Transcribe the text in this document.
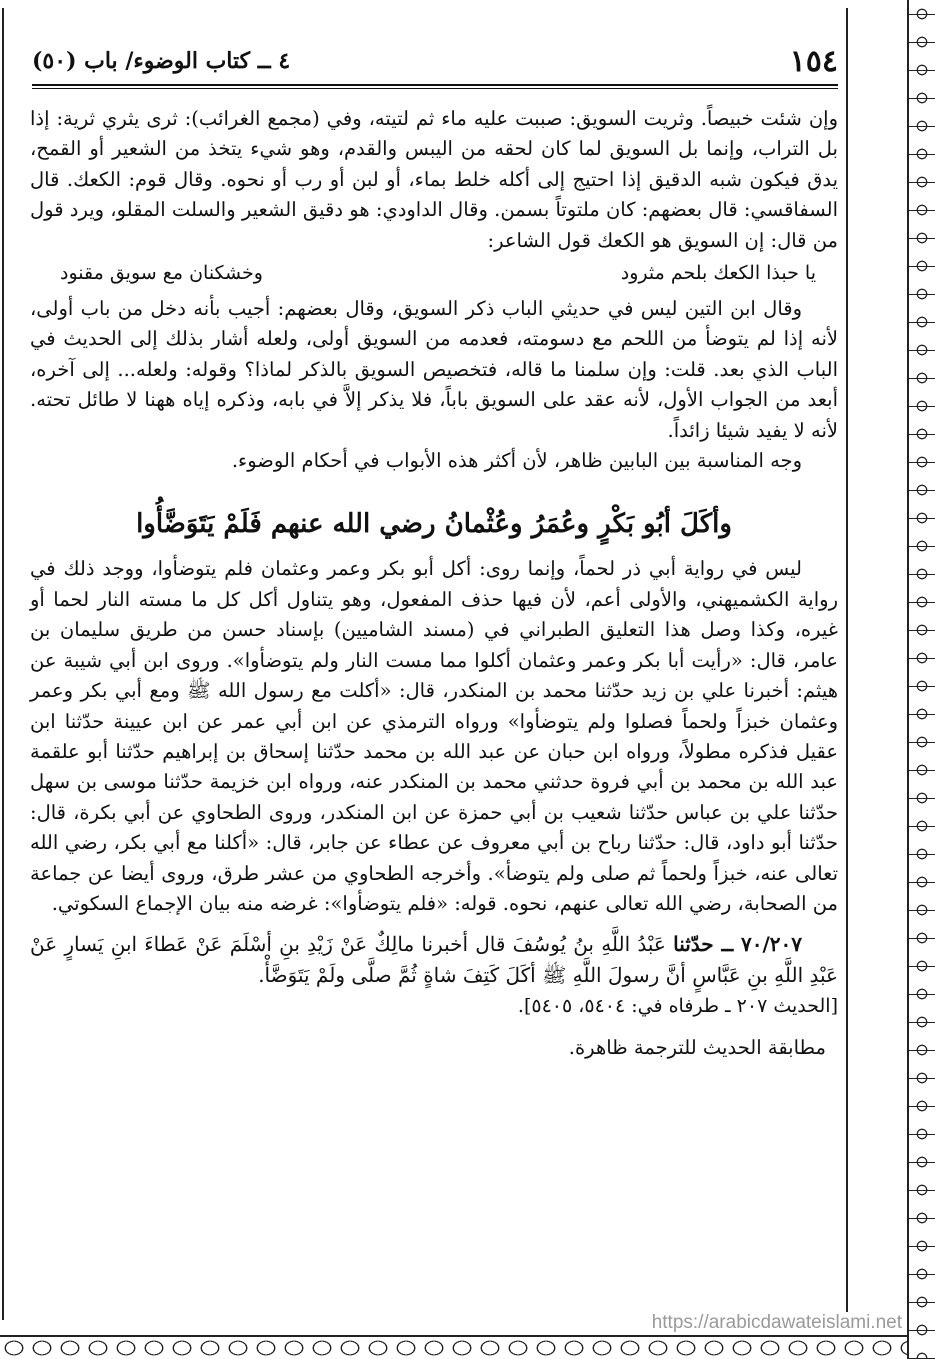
١٥٤
٤ ــ كتاب الوضوء/ باب (٥٠)

وإن شئت خبيصاً. وثريت السويق: صببت عليه ماء ثم لتيته، وفي (مجمع الغرائب): ثرى يثري ثرية: إذا بل التراب، وإنما بل السويق لما كان لحقه من اليبس والقدم، وهو شيء يتخذ من الشعير أو القمح، يدق فيكون شبه الدقيق إذا احتيج إلى أكله خلط بماء، أو لبن أو رب أو نحوه. وقال قوم: الكعك. قال السفاقسي: قال بعضهم: كان ملتوتاً بسمن. وقال الداودي: هو دقيق الشعير والسلت المقلو، ويرد قول من قال: إن السويق هو الكعك قول الشاعر:

يا حبذا الكعك بلحم مثرود
وخشكنان مع سويق مقنود

وقال ابن التين ليس في حديثي الباب ذكر السويق، وقال بعضهم: أجيب بأنه دخل من باب أولى، لأنه إذا لم يتوضأ من اللحم مع دسومته، فعدمه من السويق أولى، ولعله أشار بذلك إلى الحديث في الباب الذي بعد. قلت: وإن سلمنا ما قاله، فتخصيص السويق بالذكر لماذا؟ وقوله: ولعله... إلى آخره، أبعد من الجواب الأول، لأنه عقد على السويق باباً، فلا يذكر إلاَّ في بابه، وذكره إياه ههنا لا طائل تحته. لأنه لا يفيد شيئا زائداً.

وجه المناسبة بين البابين ظاهر، لأن أكثر هذه الأبواب في أحكام الوضوء.

وأكَلَ أبُو بَكْرٍ وعُمَرُ وعُثْمانُ رضي الله عنهم فَلَمْ يَتَوَضَّأُوا

ليس في رواية أبي ذر لحماً، وإنما روى: أكل أبو بكر وعمر وعثمان فلم يتوضأوا، ووجد ذلك في رواية الكشميهني، والأولى أعم، لأن فيها حذف المفعول، وهو يتناول أكل كل ما مسته النار لحما أو غيره، وكذا وصل هذا التعليق الطبراني في (مسند الشاميين) بإسناد حسن من طريق سليمان بن عامر، قال: «رأيت أبا بكر وعمر وعثمان أكلوا مما مست النار ولم يتوضأوا». وروى ابن أبي شيبة عن هيثم: أخبرنا علي بن زيد حدّثنا محمد بن المنكدر، قال: «أكلت مع رسول الله ﷺ ومع أبي بكر وعمر وعثمان خبزاً ولحماً فصلوا ولم يتوضأوا» ورواه الترمذي عن ابن أبي عمر عن ابن عيينة حدّثنا ابن عقيل فذكره مطولاً، ورواه ابن حبان عن عبد الله بن محمد حدّثنا إسحاق بن إبراهيم حدّثنا أبو علقمة عبد الله بن محمد بن أبي فروة حدثني محمد بن المنكدر عنه، ورواه ابن خزيمة حدّثنا موسى بن سهل حدّثنا علي بن عباس حدّثنا شعيب بن أبي حمزة عن ابن المنكدر، وروى الطحاوي عن أبي بكرة، قال: حدّثنا أبو داود، قال: حدّثنا رباح بن أبي معروف عن عطاء عن جابر، قال: «أكلنا مع أبي بكر، رضي الله تعالى عنه، خبزاً ولحماً ثم صلى ولم يتوضأ». وأخرجه الطحاوي من عشر طرق، وروى أيضا عن جماعة من الصحابة، رضي الله تعالى عنهم، نحوه. قوله: «فلم يتوضأوا»: غرضه منه بيان الإجماع السكوتي.

٧٠/٢٠٧ ــ حدّثنا عَبْدُ اللَّهِ بنُ يُوسُفَ قال أخبرنا مالِكٌ عَنْ زَيْدِ بنِ أسْلَمَ عَنْ عَطاءَ ابنِ يَسارٍ عَنْ عَبْدِ اللَّهِ بنِ عَبَّاسٍ أنَّ رسولَ اللَّهِ ﷺ أكَلَ كَتِفَ شاةٍ ثُمَّ صلَّى ولَمْ يَتَوَضَّأْ.

[الحديث ٢٠٧ ـ طرفاه في: ٥٤٠٤، ٥٤٠٥].

مطابقة الحديث للترجمة ظاهرة.

https://arabicdawateislami.net
